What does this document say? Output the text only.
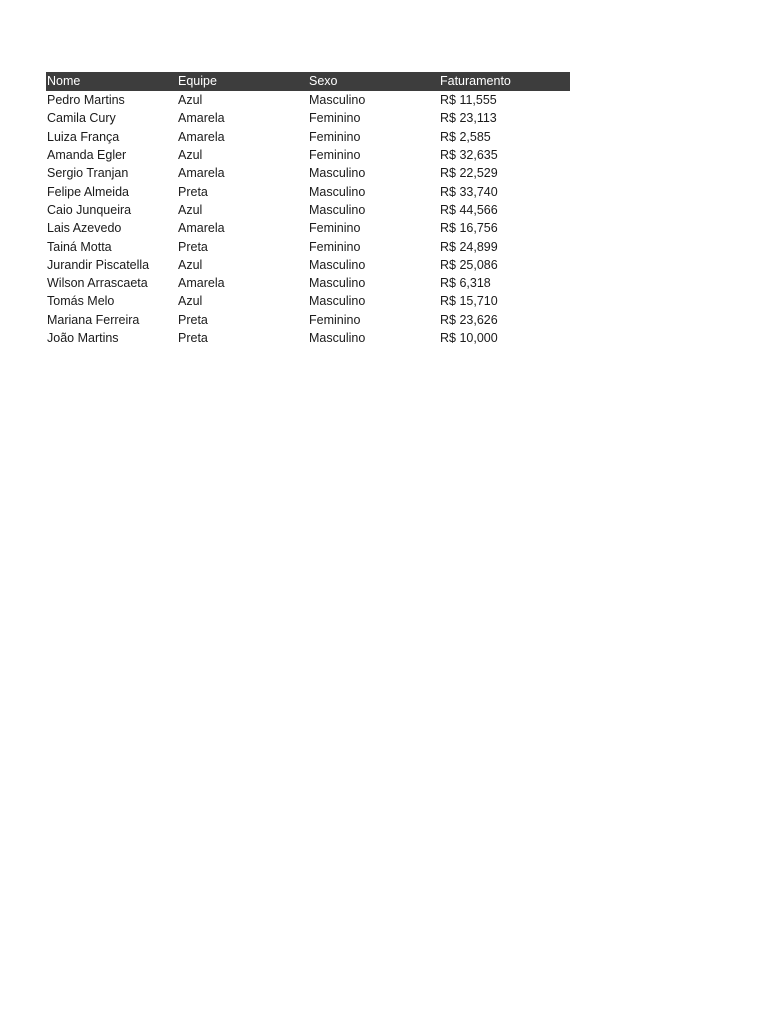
Nome	Equipe	Sexo	Faturamento
Pedro Martins	Azul	Masculino	R$ 11,555
Camila Cury	Amarela	Feminino	R$ 23,113
Luiza França	Amarela	Feminino	R$ 2,585
Amanda Egler	Azul	Feminino	R$ 32,635
Sergio Tranjan	Amarela	Masculino	R$ 22,529
Felipe Almeida	Preta	Masculino	R$ 33,740
Caio Junqueira	Azul	Masculino	R$ 44,566
Lais Azevedo	Amarela	Feminino	R$ 16,756
Tainá Motta	Preta	Feminino	R$ 24,899
Jurandir Piscatella	Azul	Masculino	R$ 25,086
Wilson Arrascaeta	Amarela	Masculino	R$ 6,318
Tomás Melo	Azul	Masculino	R$ 15,710
Mariana Ferreira	Preta	Feminino	R$ 23,626
João Martins	Preta	Masculino	R$ 10,000
